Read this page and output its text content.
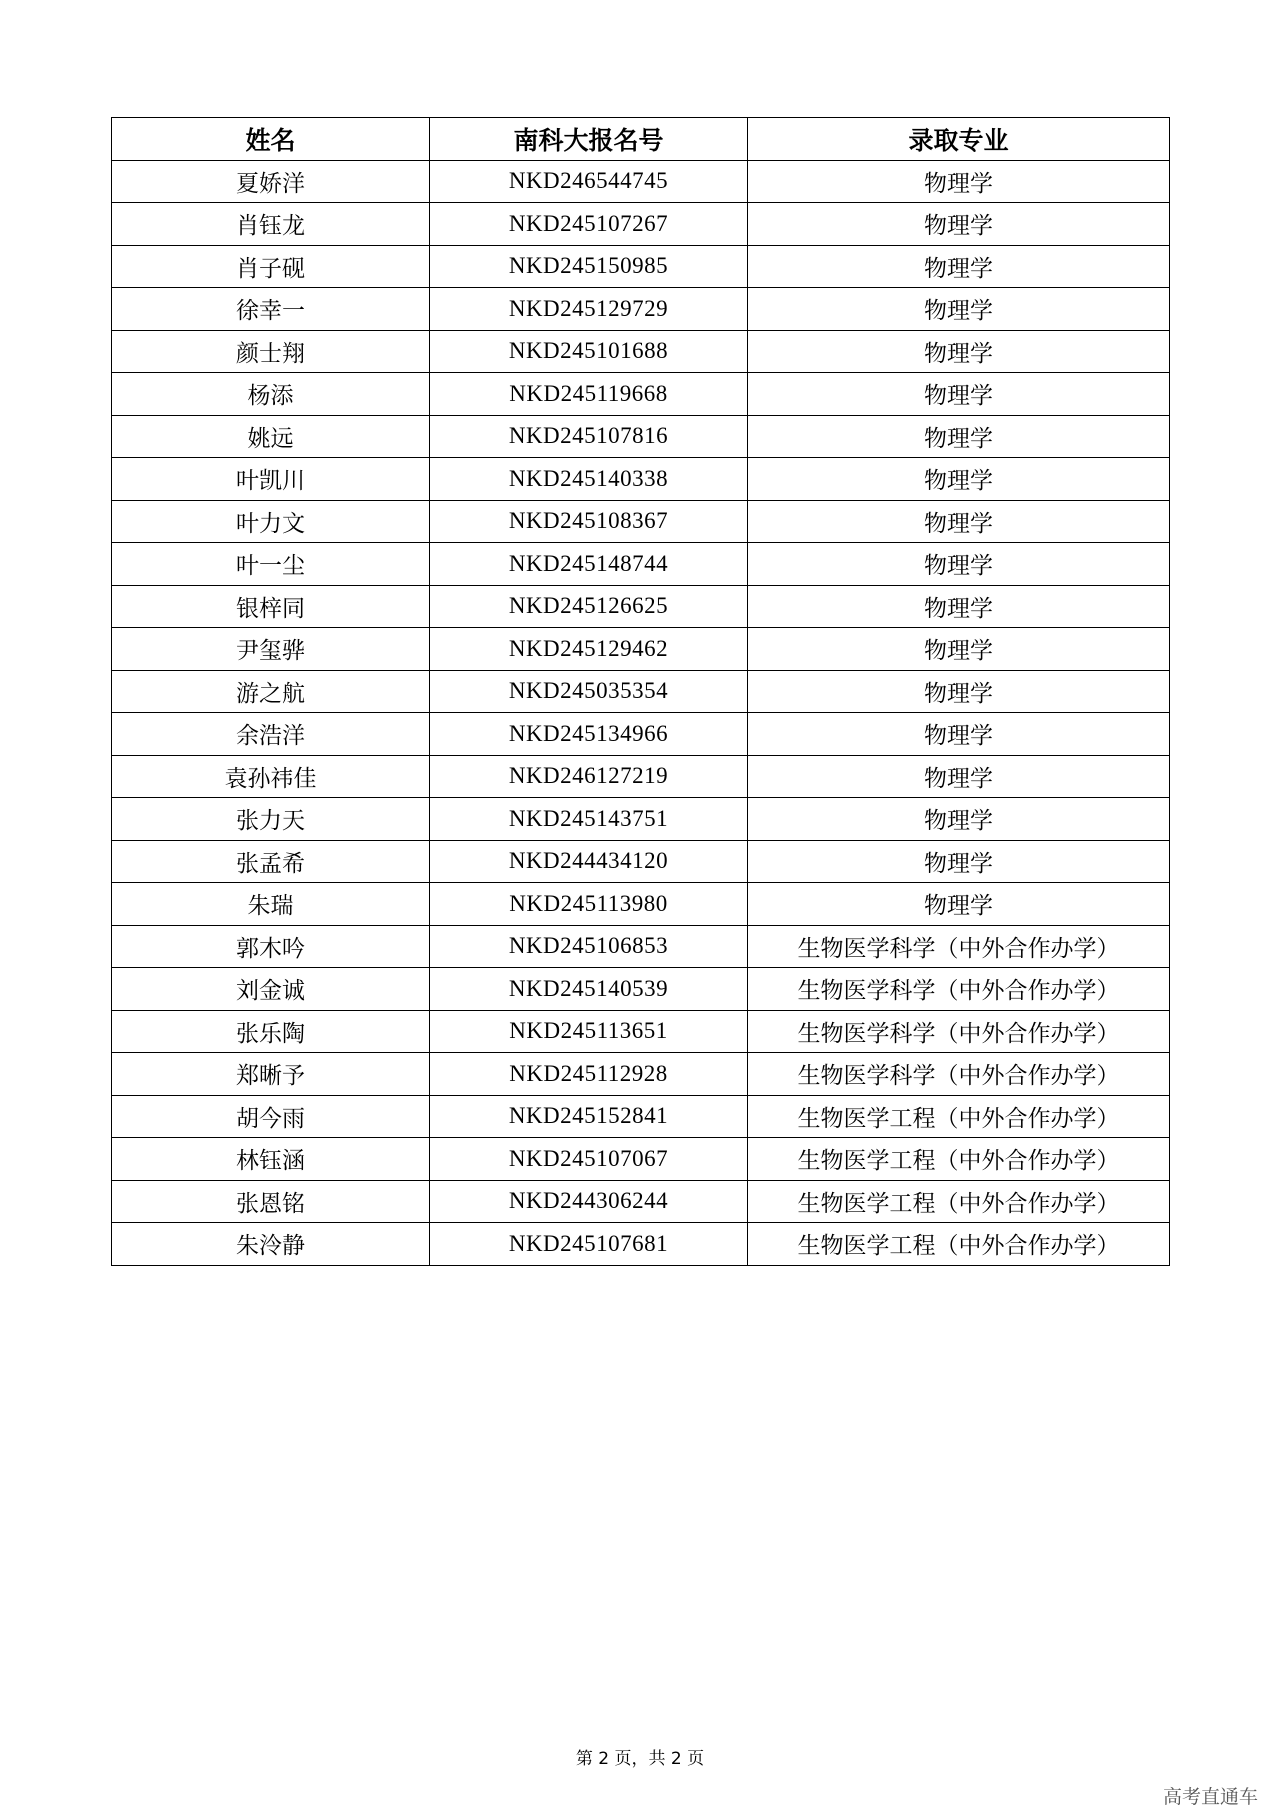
姓名	南科大报名号	录取专业
夏娇洋	NKD246544745	物理学
肖钰龙	NKD245107267	物理学
肖子砚	NKD245150985	物理学
徐幸一	NKD245129729	物理学
颜士翔	NKD245101688	物理学
杨添	NKD245119668	物理学
姚远	NKD245107816	物理学
叶凯川	NKD245140338	物理学
叶力文	NKD245108367	物理学
叶一尘	NKD245148744	物理学
银梓同	NKD245126625	物理学
尹玺骅	NKD245129462	物理学
游之航	NKD245035354	物理学
余浩洋	NKD245134966	物理学
袁孙祎佳	NKD246127219	物理学
张力天	NKD245143751	物理学
张孟希	NKD244434120	物理学
朱瑞	NKD245113980	物理学
郭木吟	NKD245106853	生物医学科学（中外合作办学）
刘金诚	NKD245140539	生物医学科学（中外合作办学）
张乐陶	NKD245113651	生物医学科学（中外合作办学）
郑晰予	NKD245112928	生物医学科学（中外合作办学）
胡今雨	NKD245152841	生物医学工程（中外合作办学）
林钰涵	NKD245107067	生物医学工程（中外合作办学）
张恩铭	NKD244306244	生物医学工程（中外合作办学）
朱泠静	NKD245107681	生物医学工程（中外合作办学）
第 2 页，共 2 页
高考直通车
